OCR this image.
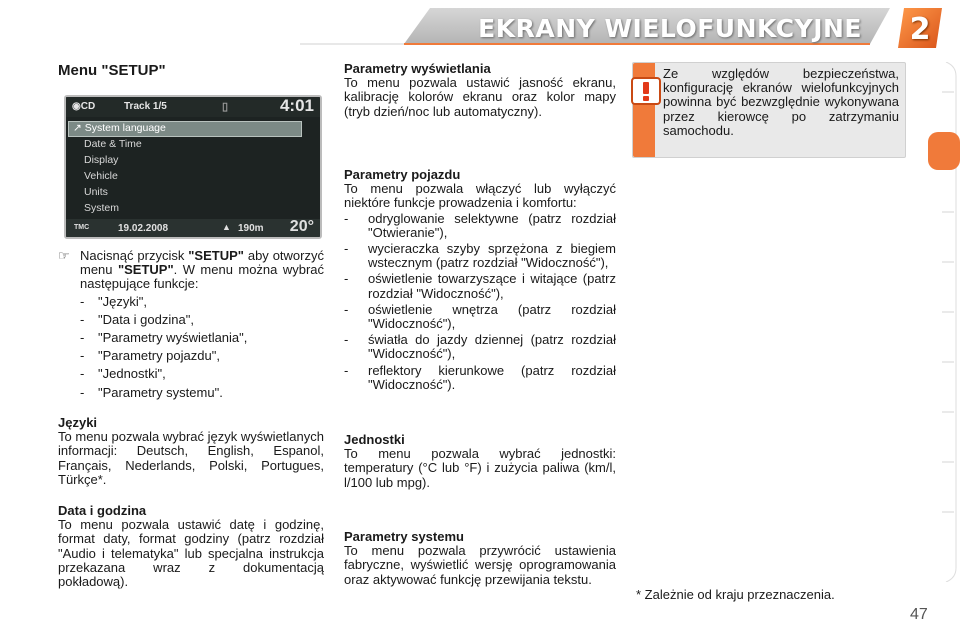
EKRANY WIELOFUNKCYJNE	2
Menu "SETUP"
◉CD	Track 1/5	▯	4:01
↗ System language
Date & Time
Display
Vehicle
Units
System
TMC	19.02.2008	▲ 190m 20°
☞ Nacisnąć przycisk "SETUP" aby otworzyć menu "SETUP". W menu można wybrać następujące funkcje:

-	"Języki",
-	"Data i godzina",
-	"Parametry wyświetlania",
-	"Parametry pojazdu",
-	"Jednostki",
-	"Parametry systemu".

Języki

To menu pozwala wybrać język wyświetlanych informacji: Deutsch, English, Espanol, Français, Nederlands, Polski, Portugues, Türkçe*.

Data i godzina

To menu pozwala ustawić datę i godzinę, format daty, format godziny (patrz rozdział "Audio i telematyka" lub specjalna instrukcja przekazana wraz z dokumentacją pokładową).

Parametry wyświetlania

To menu pozwala ustawić jasność ekranu, kalibrację kolorów ekranu oraz kolor mapy (tryb dzień/noc lub automatyczny).

Parametry pojazdu

To menu pozwala włączyć lub wyłączyć niektóre funkcje prowadzenia i komfortu:

-	odryglowanie selektywne (patrz rozdział "Otwieranie"),

-	wycieraczka szyby sprzężona z biegiem wstecznym (patrz rozdział "Widoczność"),

-	oświetlenie towarzyszące i witające (patrz rozdział "Widoczność"),

-	oświetlenie wnętrza (patrz rozdział "Widoczność"),

-	światła do jazdy dziennej (patrz rozdział "Widoczność"),

-	reflektory kierunkowe (patrz rozdział "Widoczność").

Jednostki

To menu pozwala wybrać jednostki: temperatury (°C lub °F) i zużycia paliwa (km/l, l/100 lub mpg).

Parametry systemu

To menu pozwala przywrócić ustawienia fabryczne, wyświetlić wersję oprogramowania oraz aktywować funkcję przewijania tekstu.

Ze względów bezpieczeństwa, konfigurację ekranów wielofunkcyjnych powinna być bezwzględnie wykonywana przez kierowcę po zatrzymaniu samochodu.
* Zależnie od kraju przeznaczenia.
47
